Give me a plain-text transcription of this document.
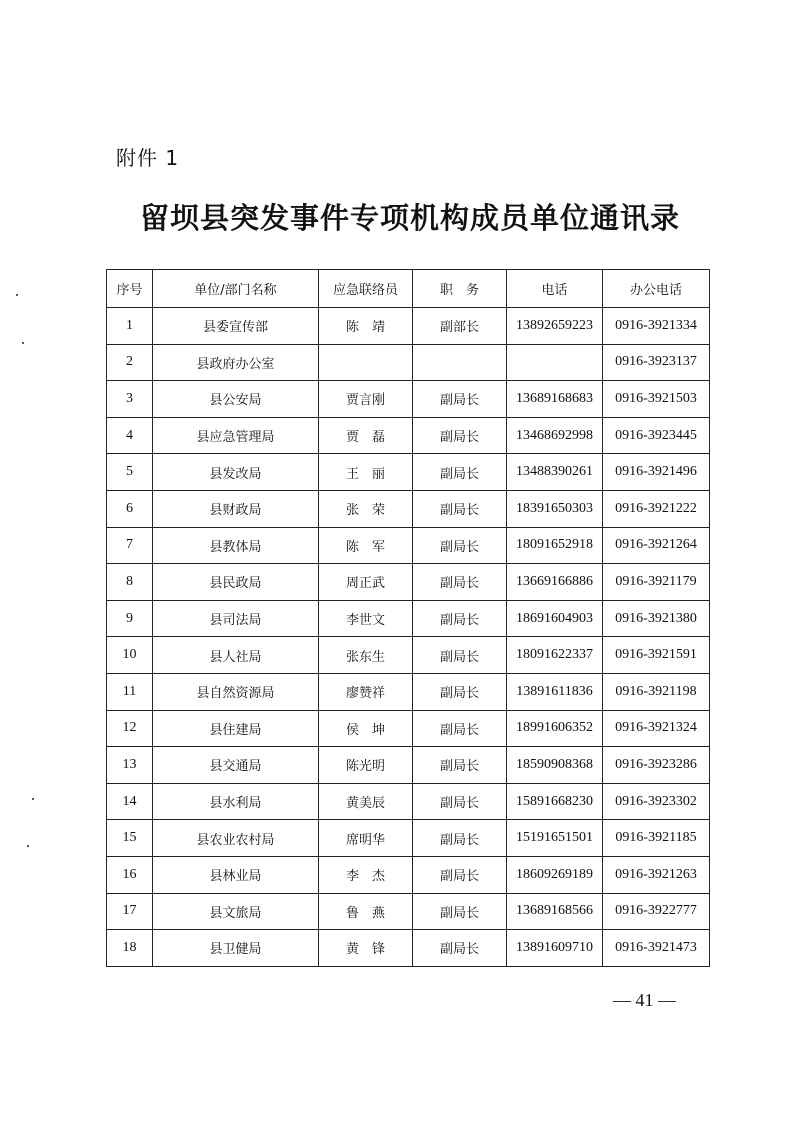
附件 1
留坝县突发事件专项机构成员单位通讯录
序号	单位/部门名称	应急联络员	职　务	电话	办公电话
1	县委宣传部	陈　靖	副部长	13892659223	0916-3921334
2	县政府办公室				0916-3923137
3	县公安局	贾言刚	副局长	13689168683	0916-3921503
4	县应急管理局	贾　磊	副局长	13468692998	0916-3923445
5	县发改局	王　丽	副局长	13488390261	0916-3921496
6	县财政局	张　荣	副局长	18391650303	0916-3921222
7	县教体局	陈　军	副局长	18091652918	0916-3921264
8	县民政局	周正武	副局长	13669166886	0916-3921179
9	县司法局	李世文	副局长	18691604903	0916-3921380
10	县人社局	张东生	副局长	18091622337	0916-3921591
11	县自然资源局	廖赞祥	副局长	13891611836	0916-3921198
12	县住建局	侯　坤	副局长	18991606352	0916-3921324
13	县交通局	陈光明	副局长	18590908368	0916-3923286
14	县水利局	黄美辰	副局长	15891668230	0916-3923302
15	县农业农村局	席明华	副局长	15191651501	0916-3921185
16	县林业局	李　杰	副局长	18609269189	0916-3921263
17	县文旅局	鲁　燕	副局长	13689168566	0916-3922777
18	县卫健局	黄　锋	副局长	13891609710	0916-3921473
— 41 —
